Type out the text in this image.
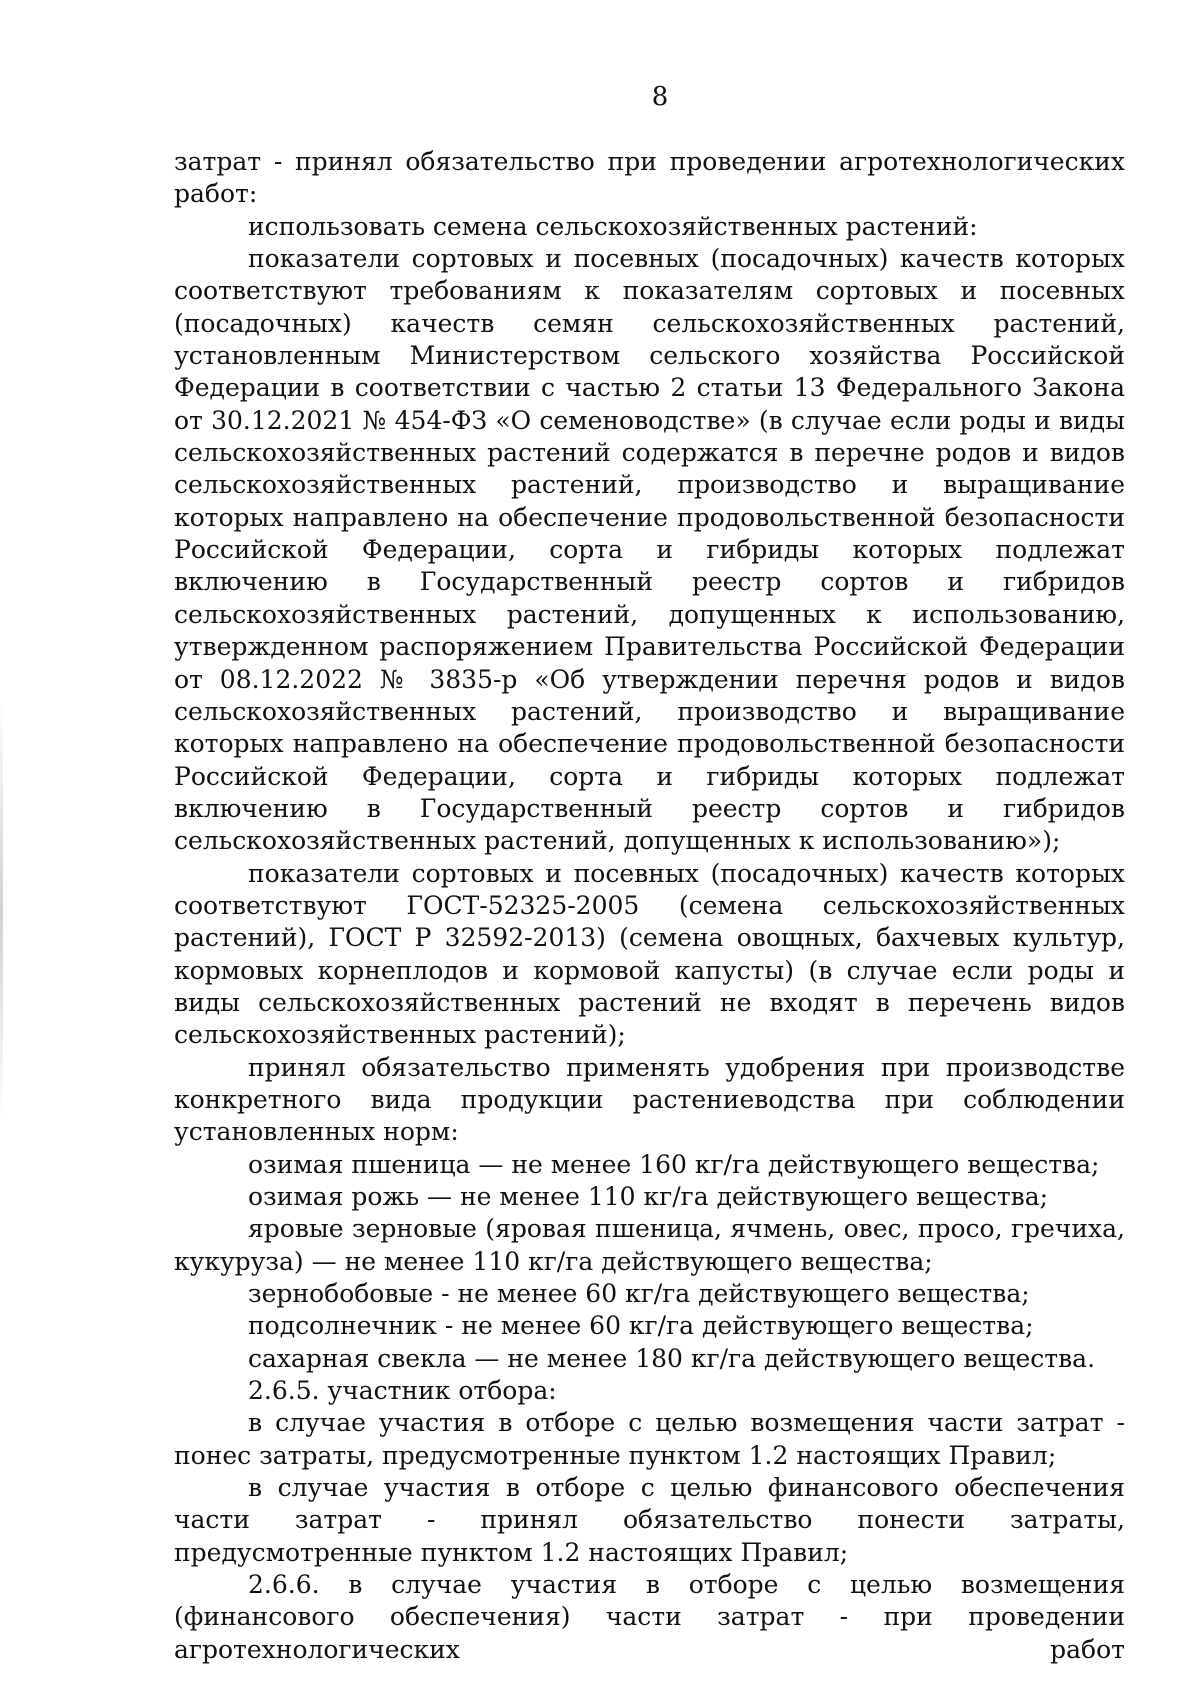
8

затрат - принял обязательство при проведении агротехнологических работ:

использовать семена сельскохозяйственных растений:

показатели сортовых и посевных (посадочных) качеств которых соответствуют требованиям к показателям сортовых и посевных (посадочных) качеств семян сельскохозяйственных растений, установленным Министерством сельского хозяйства Российской Федерации в соответствии с частью 2 статьи 13 Федерального Закона от 30.12.2021 № 454-ФЗ «О семеноводстве» (в случае если роды и виды сельскохозяйственных растений содержатся в перечне родов и видов сельскохозяйственных растений, производство и выращивание которых направлено на обеспечение продовольственной безопасности Российской Федерации, сорта и гибриды которых подлежат включению в Государственный реестр сортов и гибридов сельскохозяйственных растений, допущенных к использованию, утвержденном распоряжением Правительства Российской Федерации от 08.12.2022 № 3835-р «Об утверждении перечня родов и видов сельскохозяйственных растений, производство и выращивание которых направлено на обеспечение продовольственной безопасности Российской Федерации, сорта и гибриды которых подлежат включению в Государственный реестр сортов и гибридов сельскохозяйственных растений, допущенных к использованию»);

показатели сортовых и посевных (посадочных) качеств которых соответствуют ГОСТ-52325-2005 (семена сельскохозяйственных растений), ГОСТ Р 32592-2013) (семена овощных, бахчевых культур, кормовых корнеплодов и кормовой капусты) (в случае если роды и виды сельскохозяйственных растений не входят в перечень видов сельскохозяйственных растений);

принял обязательство применять удобрения при производстве конкретного вида продукции растениеводства при соблюдении установленных норм:

озимая пшеница — не менее 160 кг/га действующего вещества;

озимая рожь — не менее 110 кг/га действующего вещества;

яровые зерновые (яровая пшеница, ячмень, овес, просо, гречиха, кукуруза) — не менее 110 кг/га действующего вещества;

зернобобовые - не менее 60 кг/га действующего вещества;

подсолнечник - не менее 60 кг/га действующего вещества;

сахарная свекла — не менее 180 кг/га действующего вещества.

2.6.5. участник отбора:

в случае участия в отборе с целью возмещения части затрат - понес затраты, предусмотренные пунктом 1.2 настоящих Правил;

в случае участия в отборе с целью финансового обеспечения части затрат - принял обязательство понести затраты, предусмотренные пунктом 1.2 настоящих Правил;

2.6.6. в случае участия в отборе с целью возмещения (финансового обеспечения) части затрат - при проведении агротехнологических работ
